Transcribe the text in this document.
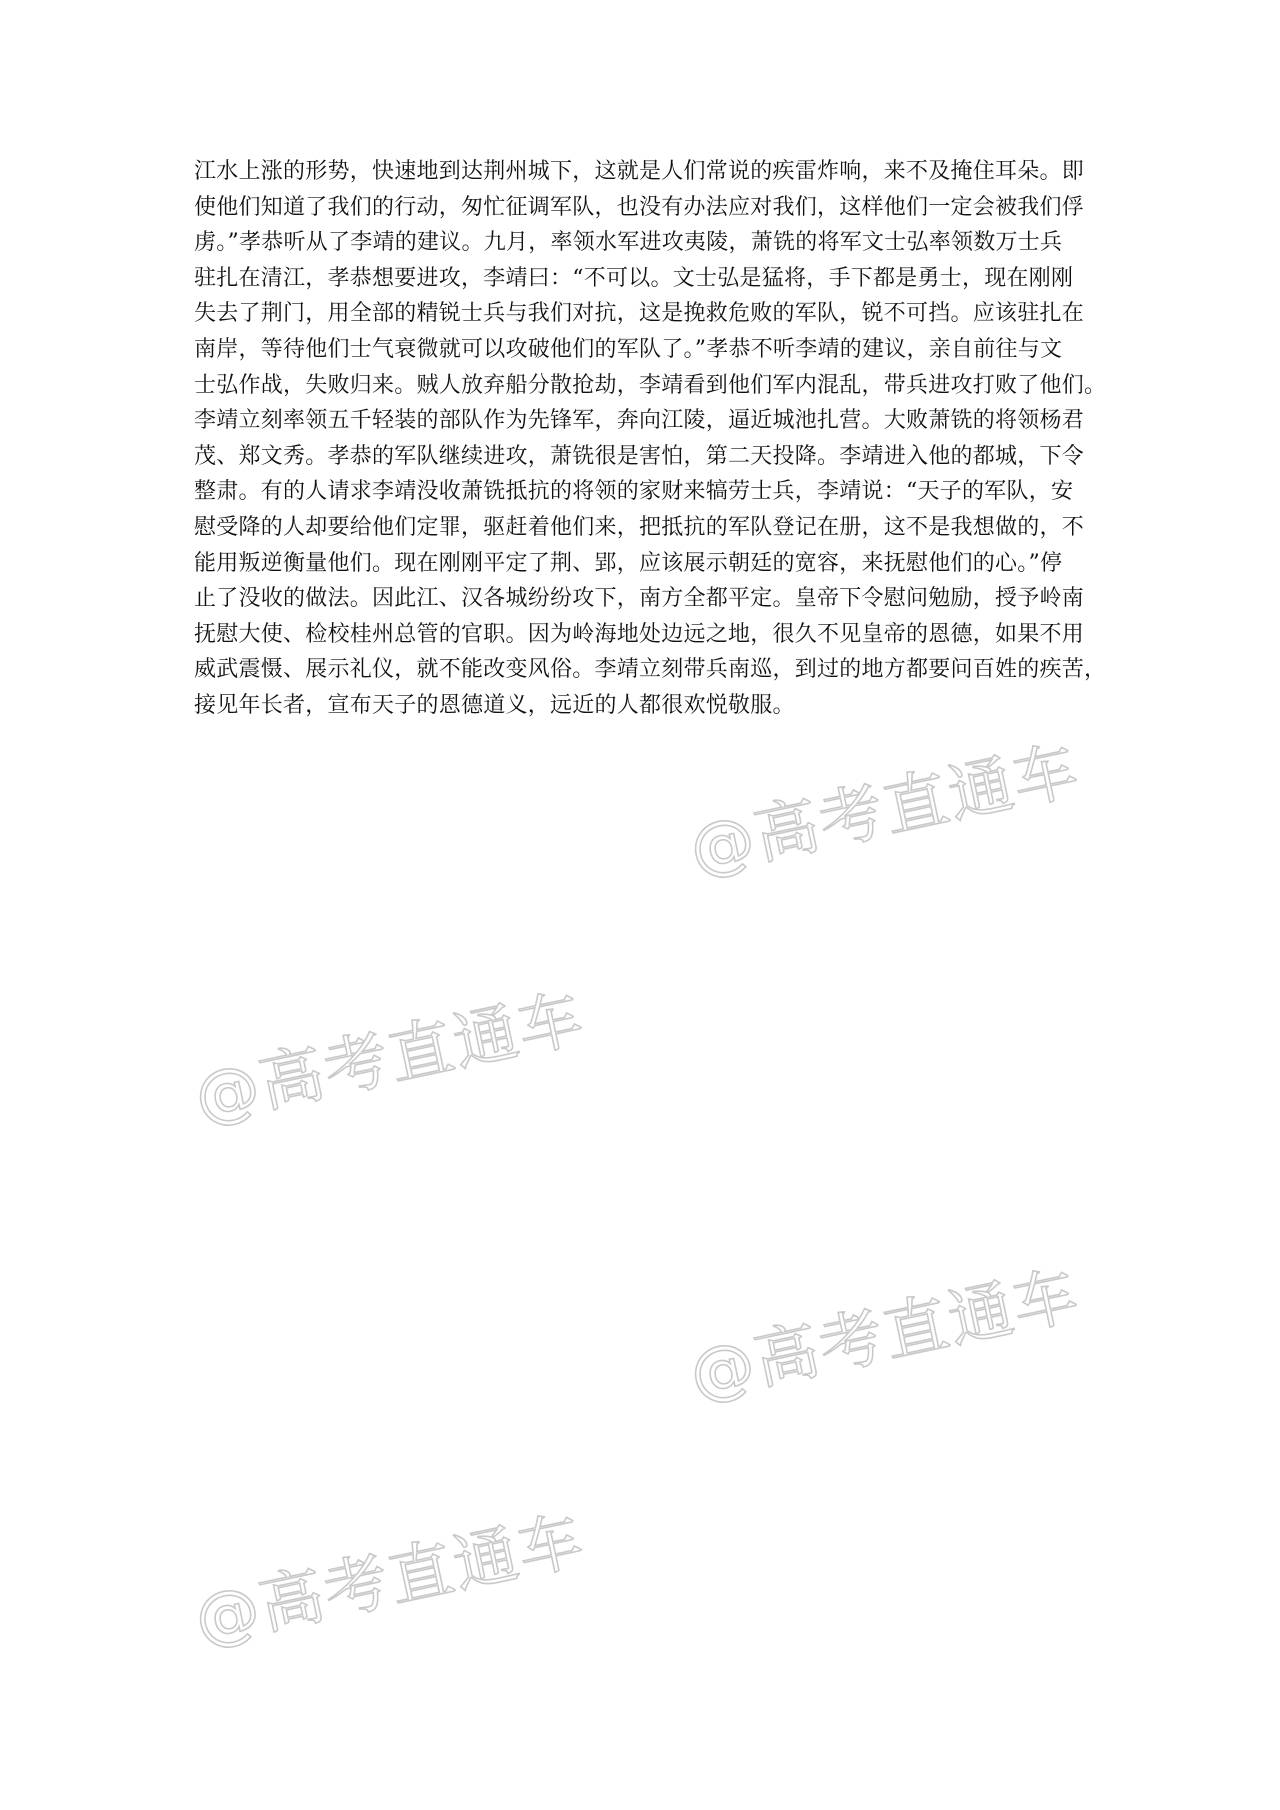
江水上涨的形势，快速地到达荆州城下，这就是人们常说的疾雷炸响，来不及掩住耳朵。即
使他们知道了我们的行动，匆忙征调军队，也没有办法应对我们，这样他们一定会被我们俘
虏。”孝恭听从了李靖的建议。九月，率领水军进攻夷陵，萧铣的将军文士弘率领数万士兵
驻扎在清江，孝恭想要进攻，李靖曰：“不可以。文士弘是猛将，手下都是勇士，现在刚刚
失去了荆门，用全部的精锐士兵与我们对抗，这是挽救危败的军队，锐不可挡。应该驻扎在
南岸，等待他们士气衰微就可以攻破他们的军队了。”孝恭不听李靖的建议，亲自前往与文
士弘作战，失败归来。贼人放弃船分散抢劫，李靖看到他们军内混乱，带兵进攻打败了他们。
李靖立刻率领五千轻装的部队作为先锋军，奔向江陵，逼近城池扎营。大败萧铣的将领杨君
茂、郑文秀。孝恭的军队继续进攻，萧铣很是害怕，第二天投降。李靖进入他的都城，下令
整肃。有的人请求李靖没收萧铣抵抗的将领的家财来犒劳士兵，李靖说：“天子的军队，安
慰受降的人却要给他们定罪，驱赶着他们来，把抵抗的军队登记在册，这不是我想做的，不
能用叛逆衡量他们。现在刚刚平定了荆、郢，应该展示朝廷的宽容，来抚慰他们的心。”停
止了没收的做法。因此江、汉各城纷纷攻下，南方全都平定。皇帝下令慰问勉励，授予岭南
抚慰大使、检校桂州总管的官职。因为岭海地处边远之地，很久不见皇帝的恩德，如果不用
威武震慑、展示礼仪，就不能改变风俗。李靖立刻带兵南巡，到过的地方都要问百姓的疾苦，
接见年长者，宣布天子的恩德道义，远近的人都很欢悦敬服。
@高考直通车
@高考直通车
@高考直通车
@高考直通车
